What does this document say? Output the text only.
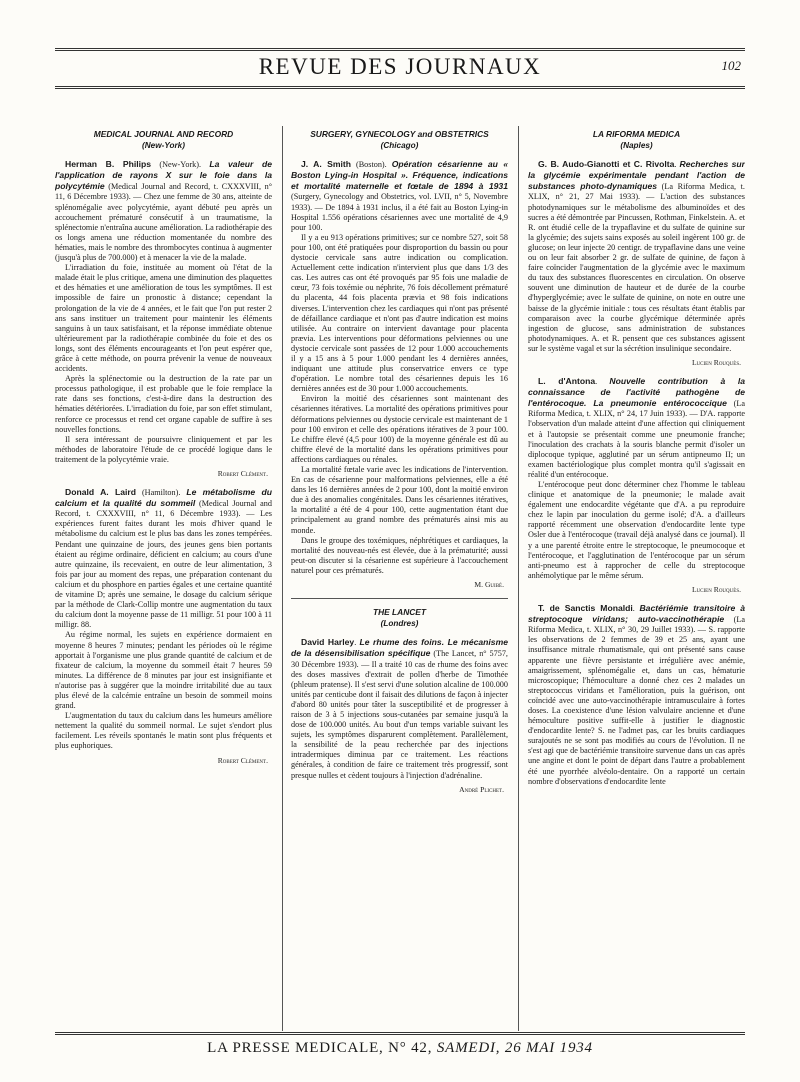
REVUE DES JOURNAUX	102
MEDICAL JOURNAL AND RECORD
(New-York)

Herman B. Philips (New-York). La valeur de l'application de rayons X sur le foie dans la polycytémie (Medical Journal and Record, t. CXXXVIII, n° 11, 6 Décembre 1933). — Chez une femme de 30 ans, atteinte de splénomégalie avec polycytémie, ayant débuté peu après un accouchement prématuré consécutif à un traumatisme, la splénectomie n'entraîna aucune amélioration. La radiothérapie des os longs amena une réduction momentanée du nombre des hématies, mais le nombre des thrombocytes continua à augmenter (jusqu'à plus de 700.000) et à menacer la vie de la malade.

L'irradiation du foie, instituée au moment où l'état de la malade était le plus critique, amena une diminution des plaquettes et des hématies et une amélioration de tous les symptômes. Il est impossible de faire un pronostic à distance; cependant la prolongation de la vie de 4 années, et le fait que l'on put rester 2 ans sans instituer un traitement pour maintenir les éléments sanguins à un taux satisfaisant, et la réponse immédiate obtenue ultérieurement par la radiothérapie combinée du foie et des os longs, sont des éléments encourageants et l'on peut espérer que, grâce à cette méthode, on pourra prévenir la venue de nouveaux accidents.

Après la splénectomie ou la destruction de la rate par un processus pathologique, il est probable que le foie remplace la rate dans ses fonctions, c'est-à-dire dans la destruction des hématies détériorées. L'irradiation du foie, par son effet stimulant, renforce ce processus et rend cet organe capable de suffire à ses nouvelles fonctions.

Il sera intéressant de poursuivre cliniquement et par les méthodes de laboratoire l'étude de ce procédé logique dans le traitement de la polycytémie vraie.

Robert Clément.

Donald A. Laird (Hamilton). Le métabolisme du calcium et la qualité du sommeil (Medical Journal and Record, t. CXXXVIII, n° 11, 6 Décembre 1933). — Les expériences furent faites durant les mois d'hiver quand le métabolisme du calcium est le plus bas dans les zones tempérées. Pendant une quinzaine de jours, des jeunes gens bien portants étaient au régime ordinaire, déficient en calcium; au cours d'une autre quinzaine, ils recevaient, en outre de leur alimentation, 3 fois par jour au moment des repas, une préparation contenant du calcium et du phosphore en parties égales et une certaine quantité de vitamine D; après une semaine, le dosage du calcium sérique par la méthode de Clark-Collip montre une augmentation du taux du calcium dont la moyenne passe de 11 milligr. 51 pour 100 à 11 milligr. 88.

Au régime normal, les sujets en expérience dormaient en moyenne 8 heures 7 minutes; pendant les périodes où le régime apportait à l'organisme une plus grande quantité de calcium et de fixateur de calcium, la moyenne du sommeil était 7 heures 59 minutes. La différence de 8 minutes par jour est insignifiante et n'autorise pas à suggérer que la moindre irritabilité due au taux plus élevé de la calcémie entraîne un besoin de sommeil moins grand.

L'augmentation du taux du calcium dans les humeurs améliore nettement la qualité du sommeil normal. Le sujet s'endort plus facilement. Les réveils spontanés le matin sont plus fréquents et plus euphoriques.

Robert Clément.
SURGERY, GYNECOLOGY and OBSTETRICS
(Chicago)

J. A. Smith (Boston). Opération césarienne au « Boston Lying-in Hospital ». Fréquence, indications et mortalité maternelle et fœtale de 1894 à 1931 (Surgery, Gynecology and Obstetrics, vol. LVII, n° 5, Novembre 1933). — De 1894 à 1931 inclus, il a été fait au Boston Lying-in Hospital 1.556 opérations césariennes avec une mortalité de 4,9 pour 100.

Il y a eu 913 opérations primitives; sur ce nombre 527, soit 58 pour 100, ont été pratiquées pour disproportion du bassin ou pour dystocie cervicale sans autre indication ou complication. Actuellement cette indication n'intervient plus que dans 1/3 des cas. Les autres cas ont été provoqués par 95 fois une maladie de cœur, 73 fois toxémie ou néphrite, 76 fois décollement prématuré du placenta, 44 fois placenta prævia et 98 fois indications diverses. L'intervention chez les cardiaques qui n'ont pas présenté de défaillance cardiaque et n'ont pas d'autre indication est moins utilisée. Au contraire on intervient davantage pour placenta prævia. Les interventions pour déformations pelviennes ou une dystocie cervicale sont passées de 12 pour 1.000 accouchements il y a 15 ans à 5 pour 1.000 pendant les 4 dernières années, indiquant une attitude plus conservatrice envers ce type d'opération. Le nombre total des césariennes depuis les 16 dernières années est de 30 pour 1.000 accouchements.

Environ la moitié des césariennes sont maintenant des césariennes itératives. La mortalité des opérations primitives pour déformations pelviennes ou dystocie cervicale est maintenant de 1 pour 100 environ et celle des opérations itératives de 3 pour 100. Le chiffre élevé (4,5 pour 100) de la moyenne générale est dû au chiffre élevé de la mortalité dans les opérations primitives pour affections cardiaques ou rénales.

La mortalité fœtale varie avec les indications de l'intervention. En cas de césarienne pour malformations pelviennes, elle a été dans les 16 dernières années de 2 pour 100, dont la moitié environ due à des anomalies congénitales. Dans les césariennes itératives, la mortalité a été de 4 pour 100, cette augmentation étant due principalement au grand nombre des prématurés ainsi mis au monde.

Dans le groupe des toxémiques, néphrétiques et cardiaques, la mortalité des nouveau-nés est élevée, due à la prématurité; aussi peut-on discuter si la césarienne est supérieure à l'accouchement naturel pour ces prématurés.

M. Guibé.
THE LANCET
(Londres)

David Harley. Le rhume des foins. Le mécanisme de la désensibilisation spécifique (The Lancet, n° 5757, 30 Décembre 1933). — Il a traité 10 cas de rhume des foins avec des doses massives d'extrait de pollen d'herbe de Timothée (phleum pratense). Il s'est servi d'une solution alcaline de 100.000 unités par centicube dont il faisait des dilutions de façon à injecter d'abord 80 unités pour tâter la susceptibilité et de progresser à raison de 3 à 5 injections sous-cutanées par semaine jusqu'à la dose de 100.000 unités. Au bout d'un temps variable suivant les sujets, les symptômes disparurent complètement. Parallèlement, la sensibilité de la peau recherchée par des injections intradermiques diminua par ce traitement. Les réactions générales, à condition de faire ce traitement très progressif, sont presque nulles et cèdent toujours à l'injection d'adrénaline.

André Plichet.
LA RIFORMA MEDICA
(Naples)

G. B. Audo-Gianotti et C. Rivolta. Recherches sur la glycémie expérimentale pendant l'action de substances photo-dynamiques (La Riforma Medica, t. XLIX, n° 21, 27 Mai 1933). — L'action des substances photodynamiques sur le métabolisme des albuminoïdes et des sucres a été démontrée par Pincussen, Rothman, Finkelstein. A. et R. ont étudié celle de la trypaflavine et du sulfate de quinine sur la glycémie; des sujets sains exposés au soleil ingèrent 100 gr. de glucose; on leur injecte 20 centigr. de trypaflavine dans une veine ou on leur fait absorber 2 gr. de sulfate de quinine, de façon à faire coïncider l'augmentation de la glycémie avec le maximum du taux des substances fluorescentes en circulation. On observe souvent une diminution de hauteur et de durée de la courbe d'hyperglycémie; avec le sulfate de quinine, on note en outre une baisse de la glycémie initiale : tous ces résultats étant établis par comparaison avec la courbe glycémique déterminée après ingestion de glucose, sans administration de substances photodynamiques. A. et R. pensent que ces substances agissent sur le système vagal et sur la sécrétion insulinique secondaire.

Lucien Rouquès.

L. d'Antona. Nouvelle contribution à la connaissance de l'activité pathogène de l'entérocoque. La pneumonie entérococcique (La Riforma Medica, t. XLIX, n° 24, 17 Juin 1933). — D'A. rapporte l'observation d'un malade atteint d'une affection qui cliniquement et à l'autopsie se présentait comme une pneumonie franche; l'inoculation des crachats à la souris blanche permit d'isoler un diplocoque typique, agglutiné par un sérum antipneumo II; un examen bactériologique plus complet montra qu'il s'agissait en réalité d'un entérocoque.

L'entérocoque peut donc déterminer chez l'homme le tableau clinique et anatomique de la pneumonie; le malade avait également une endocardite végétante que d'A. a pu reproduire chez le lapin par inoculation du germe isolé; d'A. a d'ailleurs rapporté récemment une observation d'endocardite lente type Osler due à l'entérocoque (travail déjà analysé dans ce journal). Il y a une parenté étroite entre le streptocoque, le pneumocoque et l'entérocoque, et l'agglutination de l'entérocoque par un sérum anti-pneumo est à rapprocher de celle du streptocoque anhémolytique par le même sérum.

Lucien Rouquès.

T. de Sanctis Monaldi. Bactériémie transitoire à streptocoque viridans; auto-vaccinothérapie (La Riforma Medica, t. XLIX, n° 30, 29 Juillet 1933). — S. rapporte les observations de 2 femmes de 39 et 25 ans, ayant une insuffisance mitrale rhumatismale, qui ont présenté sans cause apparente une fièvre persistante et irrégulière avec anémie, amaigrissement, splénomégalie et, dans un cas, hématurie microscopique; l'hémoculture a donné chez ces 2 malades un streptococcus viridans et l'amélioration, puis la guérison, ont coïncidé avec une auto-vaccinothérapie intramusculaire à fortes doses. La coexistence d'une lésion valvulaire ancienne et d'une hémoculture positive suffit-elle à justifier le diagnostic d'endocardite lente? S. ne l'admet pas, car les bruits cardiaques surajoutés ne se sont pas modifiés au cours de l'évolution. Il ne s'est agi que de bactériémie transitoire survenue dans un cas après une angine et dont le point de départ dans l'autre a probablement été une pyorrhée alvéolo-dentaire. On a rapporté un certain nombre d'observations d'endocardite lente

LA PRESSE MEDICALE, N° 42, SAMEDI, 26 MAI 1934
